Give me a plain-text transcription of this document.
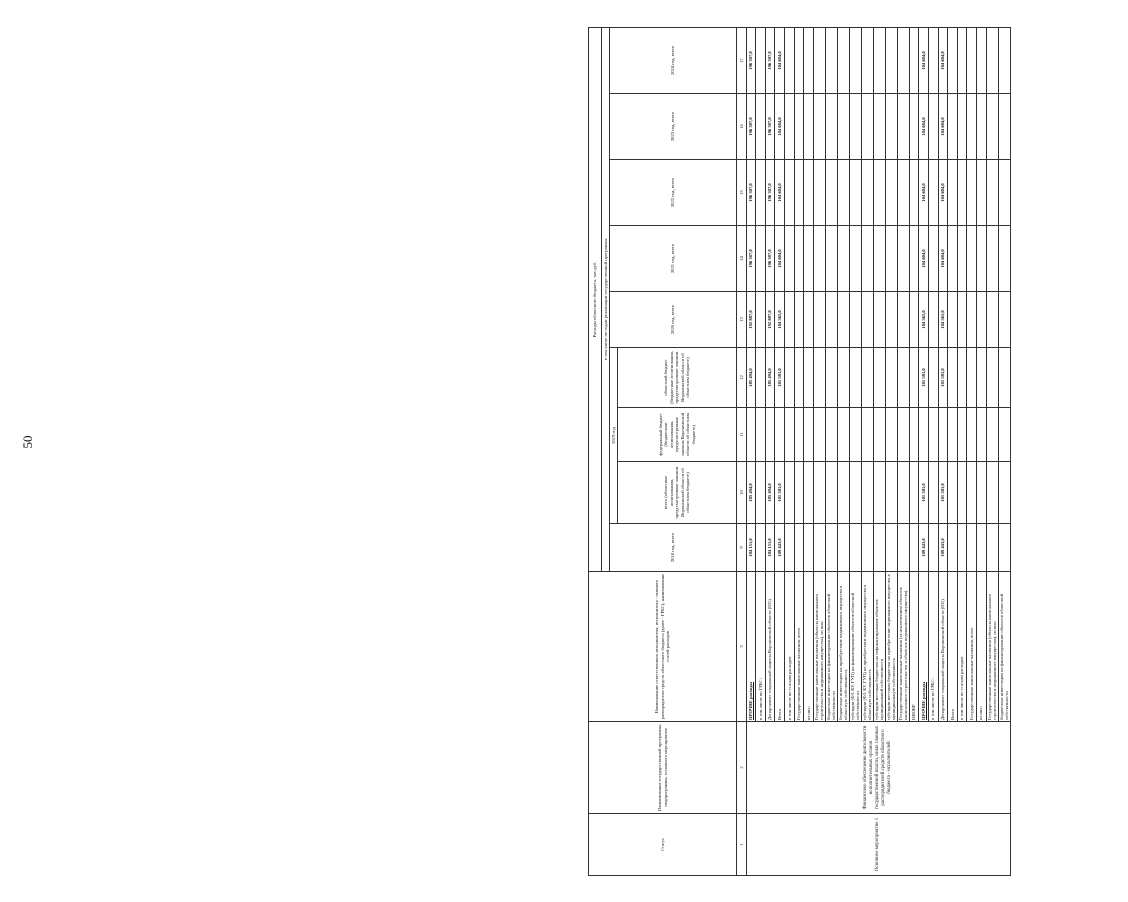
50
Статус	Наименование государственной программы, подпрограммы, основного мероприятия	Наименование ответственного исполнителя, исполнителя - главного распорядителя средств областного бюджета (далее - ГРБС), наименование статей расходов	Расходы областного бюджета, тыс.руб.								
			в том числе по годам реализации государственной программы								
			2018 год, всего	2019 год			2020 год, всего	2021 год, всего	2022 год, всего	2023 год, всего	2024 год, всего
				всего (областные ассигнования, предусмотренные законом Воронежской области об областном бюджете)	федеральный бюджет (бюджетные ассигнования, предусмотренные законом Воронежской области об областном бюджете)	областной бюджет (бюджетные ассигнования, предусмотренные законом Воронежской области об областном бюджете)					
1	2	3	9	10	11	12	13	14	15	16	17
Основное мероприятие 1	Финансовое обеспечение деятельности исполнительных органов государственной власти, иных главных распорядителей средств областного бюджета - исполнителей	ПРОЧИЕ расходы	184 151,0	185 494,0		185 494,0	192 887,0	196 307,0	196 307,0	196 307,0	196 307,0
		в том числе по ГРБС:									
		Департамент социальной защиты Воронежской области (831)	184 151,0	185 494,0		185 494,0	192 887,0	196 307,0	196 307,0	196 307,0	196 307,0
		Всего	109 443,0	101 581,0		101 581,0	104 565,0	104 604,0	104 604,0	104 604,0	104 604,0
		в том числе по статьям расходов									
		Государственные капитальные вложения, всего									
		из них:									
		Государственные капитальные вложения (объекты капитального строительства и недвижимого имущества), из них:									
		бюджетные инвестиции на финансирование объектов областной собственности									
		бюджетные инвестиции на приобретение недвижимого имущества в областную собственность									
		субсидии (ФЗ, КУ, ГУП) на финансирование объектов областной собственности									
		субсидии (ФЗ, КУ, ГУП) на приобретение недвижимого имущества в областную собственность									
		субсидии местным бюджетам на софинансирование объектов муниципальной собственности									
		субсидии местным бюджетам на приобретение недвижимого имущества в муниципальную собственность									
		Государственные капитальные вложения (за исключением объектов капитального строительства и объектов недвижимого имущества)									
		НИОКР									
		ПРОЧИЕ расходы	109 443,0	101 581,0		101 581,0	104 565,0	104 604,0	104 604,0	104 604,0	104 604,0
		в том числе по ГРБС:									
		Департамент социальной защиты Воронежской области (831)	109 443,0	101 581,0		101 581,0	104 565,0	104 604,0	104 604,0	104 604,0	104 604,0
		Всего									
		в том числе по статьям расходов									
		Государственные капитальные вложения, всего									
		из них:									
		Государственные капитальные вложения (объекты капитального строительства и недвижимого имущества), из них:									
		бюджетные инвестиции на финансирование объектов областной собственности									
